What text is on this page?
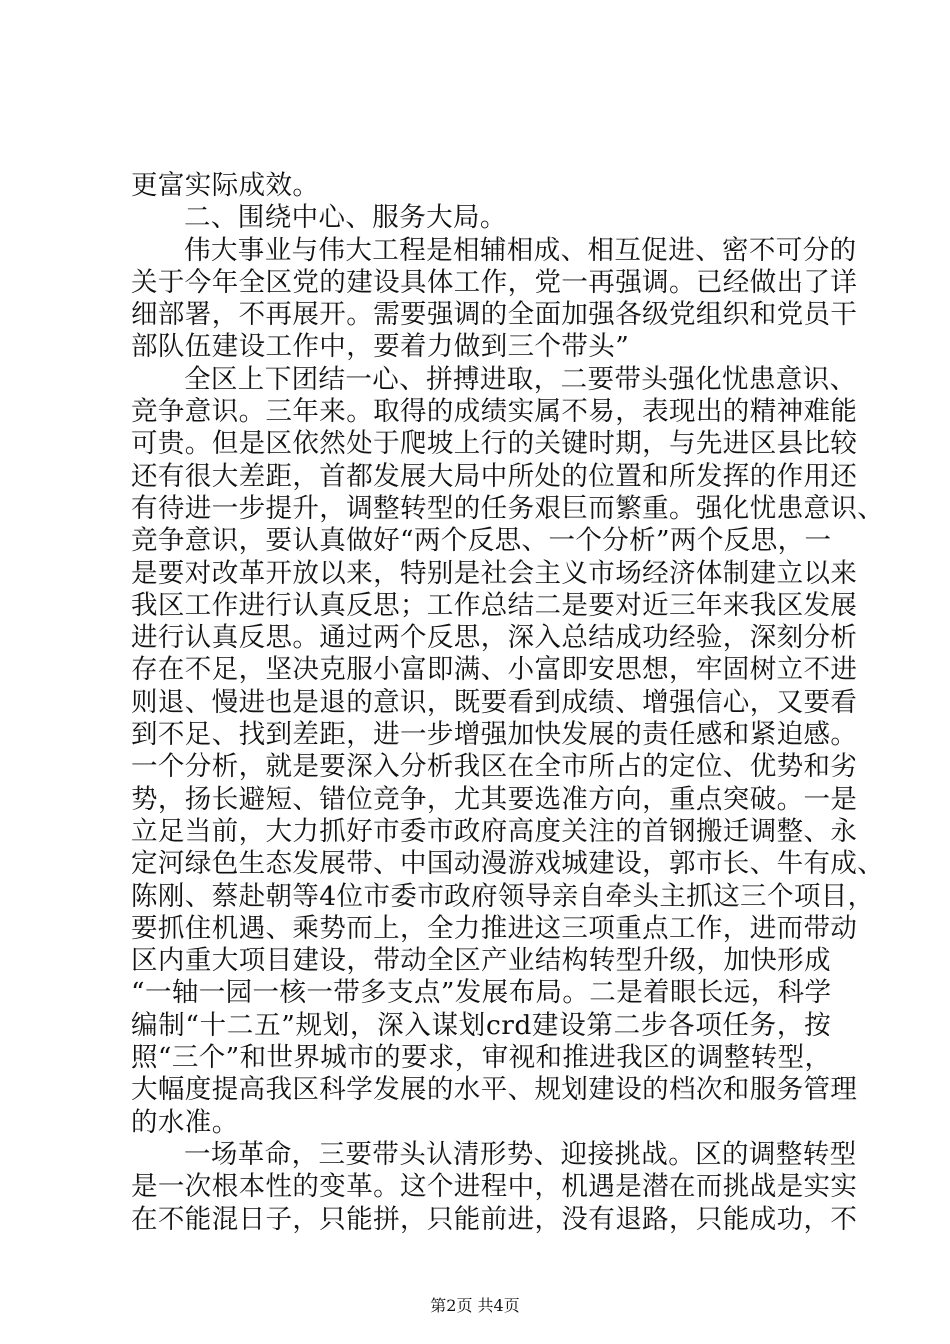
更富实际成效。
二、围绕中心、服务大局。
伟大事业与伟大工程是相辅相成、相互促进、密不可分的
关于今年全区党的建设具体工作，党一再强调。已经做出了详
细部署，不再展开。需要强调的全面加强各级党组织和党员干
部队伍建设工作中，要着力做到三个带头”
全区上下团结一心、拼搏进取，二要带头强化忧患意识、
竞争意识。三年来。取得的成绩实属不易，表现出的精神难能
可贵。但是区依然处于爬坡上行的关键时期，与先进区县比较
还有很大差距，首都发展大局中所处的位置和所发挥的作用还
有待进一步提升，调整转型的任务艰巨而繁重。强化忧患意识、
竞争意识，要认真做好“两个反思、一个分析”两个反思，一
是要对改革开放以来，特别是社会主义市场经济体制建立以来
我区工作进行认真反思；工作总结二是要对近三年来我区发展
进行认真反思。通过两个反思，深入总结成功经验，深刻分析
存在不足，坚决克服小富即满、小富即安思想，牢固树立不进
则退、慢进也是退的意识，既要看到成绩、增强信心，又要看
到不足、找到差距，进一步增强加快发展的责任感和紧迫感。
一个分析，就是要深入分析我区在全市所占的定位、优势和劣
势，扬长避短、错位竞争，尤其要选准方向，重点突破。一是
立足当前，大力抓好市委市政府高度关注的首钢搬迁调整、永
定河绿色生态发展带、中国动漫游戏城建设，郭市长、牛有成、
陈刚、蔡赴朝等4位市委市政府领导亲自牵头主抓这三个项目，
要抓住机遇、乘势而上，全力推进这三项重点工作，进而带动
区内重大项目建设，带动全区产业结构转型升级，加快形成
“一轴一园一核一带多支点”发展布局。二是着眼长远，科学
编制“十二五”规划，深入谋划crd建设第二步各项任务，按
照“三个”和世界城市的要求，审视和推进我区的调整转型，
大幅度提高我区科学发展的水平、规划建设的档次和服务管理
的水准。
一场革命，三要带头认清形势、迎接挑战。区的调整转型
是一次根本性的变革。这个进程中，机遇是潜在而挑战是实实
在不能混日子，只能拼，只能前进，没有退路，只能成功，不
第2页 共4页
